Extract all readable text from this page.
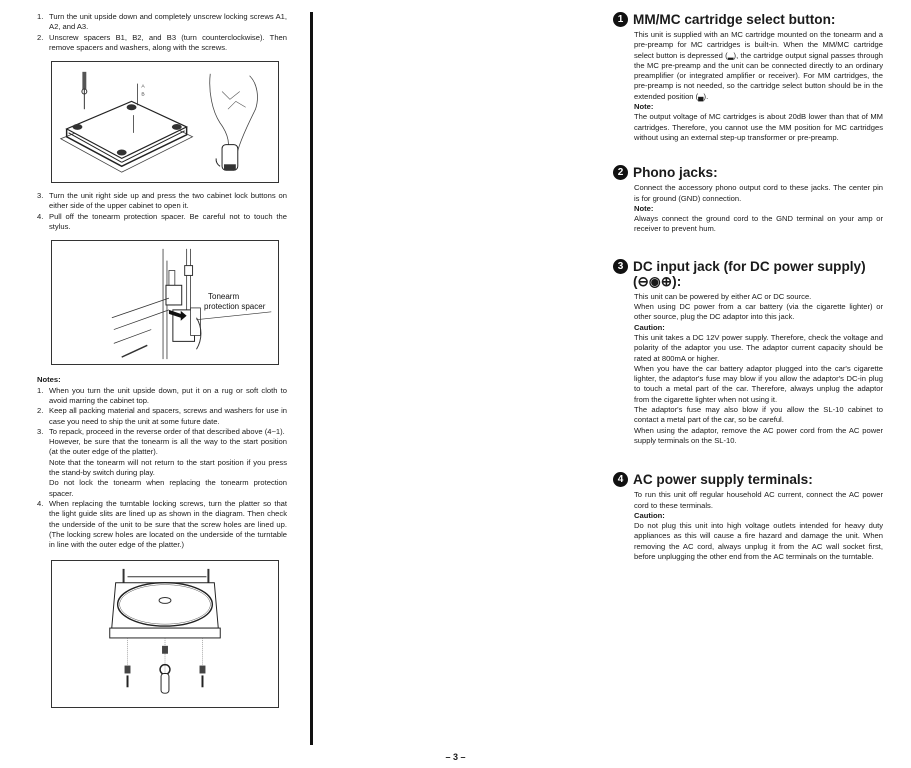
1. Turn the unit upside down and completely unscrew locking screws A1, A2, and A3.
2. Unscrew spacers B1, B2, and B3 (turn counterclockwise). Then remove spacers and washers, along with the screws.
A
B
3. Turn the unit right side up and press the two cabinet lock buttons on either side of the upper cabinet to open it.
4. Pull off the tonearm protection spacer. Be careful not to touch the stylus.
Tonearm
protection spacer
Notes:
1. When you turn the unit upside down, put it on a rug or soft cloth to avoid marring the cabinet top.
2. Keep all packing material and spacers, screws and washers for use in case you need to ship the unit at some future date.
3. To repack, proceed in the reverse order of that described above (4~1).
However, be sure that the tonearm is all the way to the start position (at the outer edge of the platter).
Note that the tonearm will not return to the start position if you press the stand-by switch during play.
Do not lock the tonearm when replacing the tonearm protection spacer.
4. When replacing the turntable locking screws, turn the platter so that the light guide slits are lined up as shown in the diagram. Then check the underside of the unit to be sure that the screw holes are lined up. (The locking screw holes are located on the underside of the turntable in line with the outer edge of the platter.)
1 MM/MC cartridge select button:
This unit is supplied with an MC cartridge mounted on the tonearm and a pre-preamp for MC cartridges is built-in. When the MM/MC cartridge select button is depressed (▂), the cartridge output signal passes through the MC pre-preamp and the unit can be connected directly to an ordinary preamplifier (or integrated amplifier or receiver). For MM cartridges, the pre-preamp is not needed, so the cartridge select button should be in the extended position (▄).
Note:
The output voltage of MC cartridges is about 20dB lower than that of MM cartridges. Therefore, you cannot use the MM position for MC cartridges without using an external step-up transformer or pre-preamp.
2 Phono jacks:
Connect the accessory phono output cord to these jacks. The center pin is for ground (GND) connection.
Note:
Always connect the ground cord to the GND terminal on your amp or receiver to prevent hum.
3 DC input jack (for DC power supply)
(⊖◉⊕):
This unit can be powered by either AC or DC source.
When using DC power from a car battery (via the cigarette lighter) or other source, plug the DC adaptor into this jack.
Caution:
This unit takes a DC 12V power supply. Therefore, check the voltage and polarity of the adaptor you use. The adaptor current capacity should be rated at 800mA or higher.
When you have the car battery adaptor plugged into the car's cigarette lighter, the adaptor's fuse may blow if you allow the adaptor's DC-in plug to touch a metal part of the car. Therefore, always unplug the adaptor from the cigarette lighter when not using it.
The adaptor's fuse may also blow if you allow the SL-10 cabinet to contact a metal part of the car, so be careful.
When using the adaptor, remove the AC power cord from the AC power supply terminals on the SL-10.
4 AC power supply terminals:
To run this unit off regular household AC current, connect the AC power cord to these terminals.
Caution:
Do not plug this unit into high voltage outlets intended for heavy duty appliances as this will cause a fire hazard and damage the unit. When removing the AC cord, always unplug it from the AC wall socket first, before unplugging the other end from the AC terminals on the turntable.
– 3 –
